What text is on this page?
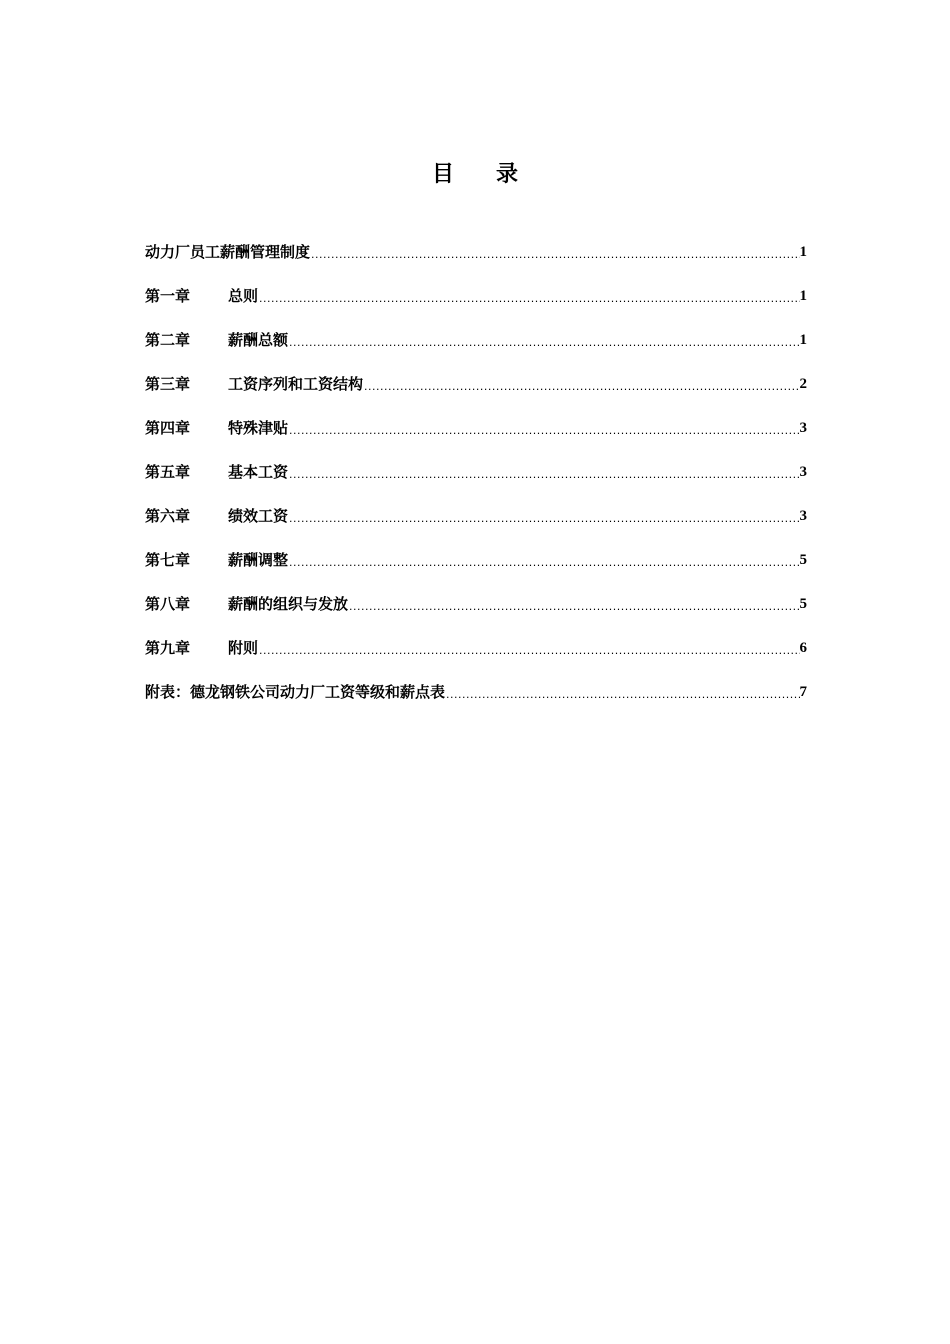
目 录
动力厂员工薪酬管理制度 .....	1
第一章	总则 .....	1
第二章	薪酬总额 .....	1
第三章	工资序列和工资结构 .....	2
第四章	特殊津贴 .....	3
第五章	基本工资 .....	3
第六章	绩效工资 .....	3
第七章	薪酬调整 .....	5
第八章	薪酬的组织与发放 .....	5
第九章	附则 .....	6
附表：德龙钢铁公司动力厂工资等级和薪点表 .....	7
